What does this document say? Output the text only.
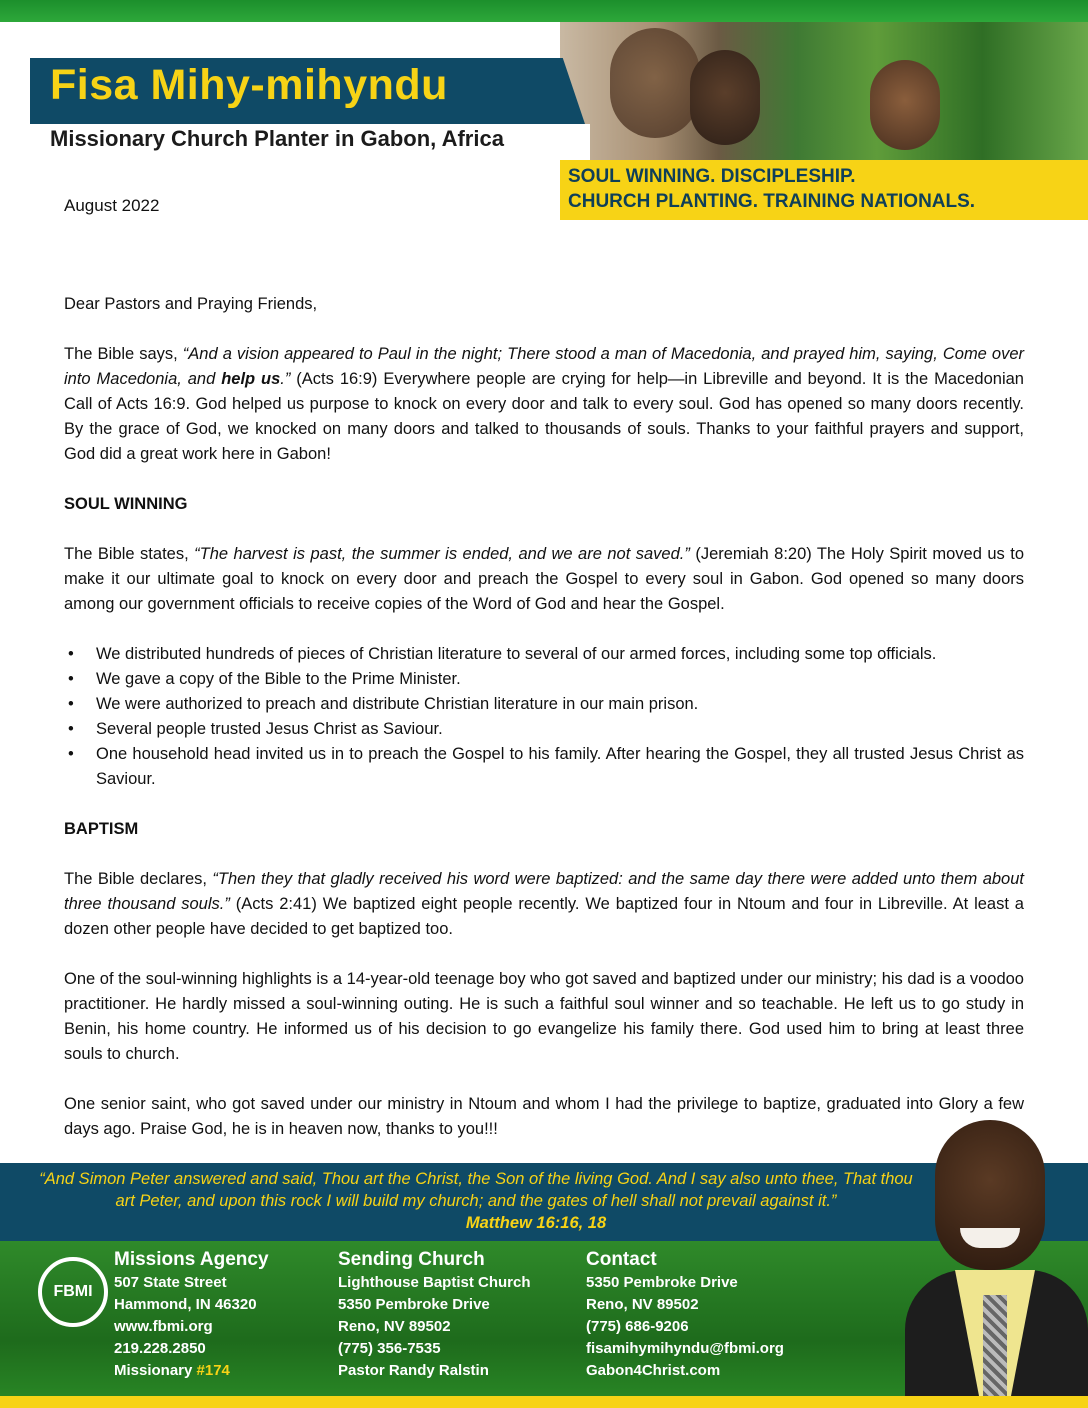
Fisa Mihy-mihyndu
Missionary Church Planter in Gabon, Africa
SOUL WINNING. DISCIPLESHIP.
CHURCH PLANTING. TRAINING NATIONALS.

August 2022

Dear Pastors and Praying Friends,

The Bible says, “And a vision appeared to Paul in the night; There stood a man of Macedonia, and prayed him, saying, Come over into Macedonia, and help us.” (Acts 16:9) Everywhere people are crying for help—in Libreville and beyond. It is the Macedonian Call of Acts 16:9. God helped us purpose to knock on every door and talk to every soul. God has opened so many doors recently. By the grace of God, we knocked on many doors and talked to thousands of souls. Thanks to your faithful prayers and support, God did a great work here in Gabon!

SOUL WINNING

The Bible states, “The harvest is past, the summer is ended, and we are not saved.” (Jeremiah 8:20) The Holy Spirit moved us to make it our ultimate goal to knock on every door and preach the Gospel to every soul in Gabon. God opened so many doors among our government officials to receive copies of the Word of God and hear the Gospel.

• We distributed hundreds of pieces of Christian literature to several of our armed forces, including some top officials.
• We gave a copy of the Bible to the Prime Minister.
• We were authorized to preach and distribute Christian literature in our main prison.
• Several people trusted Jesus Christ as Saviour.
• One household head invited us in to preach the Gospel to his family. After hearing the Gospel, they all trusted Jesus Christ as Saviour.

BAPTISM

The Bible declares, “Then they that gladly received his word were baptized: and the same day there were added unto them about three thousand souls.” (Acts 2:41) We baptized eight people recently. We baptized four in Ntoum and four in Libreville. At least a dozen other people have decided to get baptized too.

One of the soul-winning highlights is a 14-year-old teenage boy who got saved and baptized under our ministry; his dad is a voodoo practitioner. He hardly missed a soul-winning outing. He is such a faithful soul winner and so teachable. He left us to go study in Benin, his home country. He informed us of his decision to go evangelize his family there. God used him to bring at least three souls to church.

One senior saint, who got saved under our ministry in Ntoum and whom I had the privilege to baptize, graduated into Glory a few days ago. Praise God, he is in heaven now, thanks to you!!!

“And Simon Peter answered and said, Thou art the Christ, the Son of the living God. And I say also unto thee, That thou art Peter, and upon this rock I will build my church; and the gates of hell shall not prevail against it.”
Matthew 16:16, 18

FBMI
Missions Agency
507 State Street
Hammond, IN 46320
www.fbmi.org
219.228.2850
Missionary #174
Sending Church
Lighthouse Baptist Church
5350 Pembroke Drive
Reno, NV 89502
(775) 356-7535
Pastor Randy Ralstin
Contact
5350 Pembroke Drive
Reno, NV 89502
(775) 686-9206
fisamihymihyndu@fbmi.org
Gabon4Christ.com
